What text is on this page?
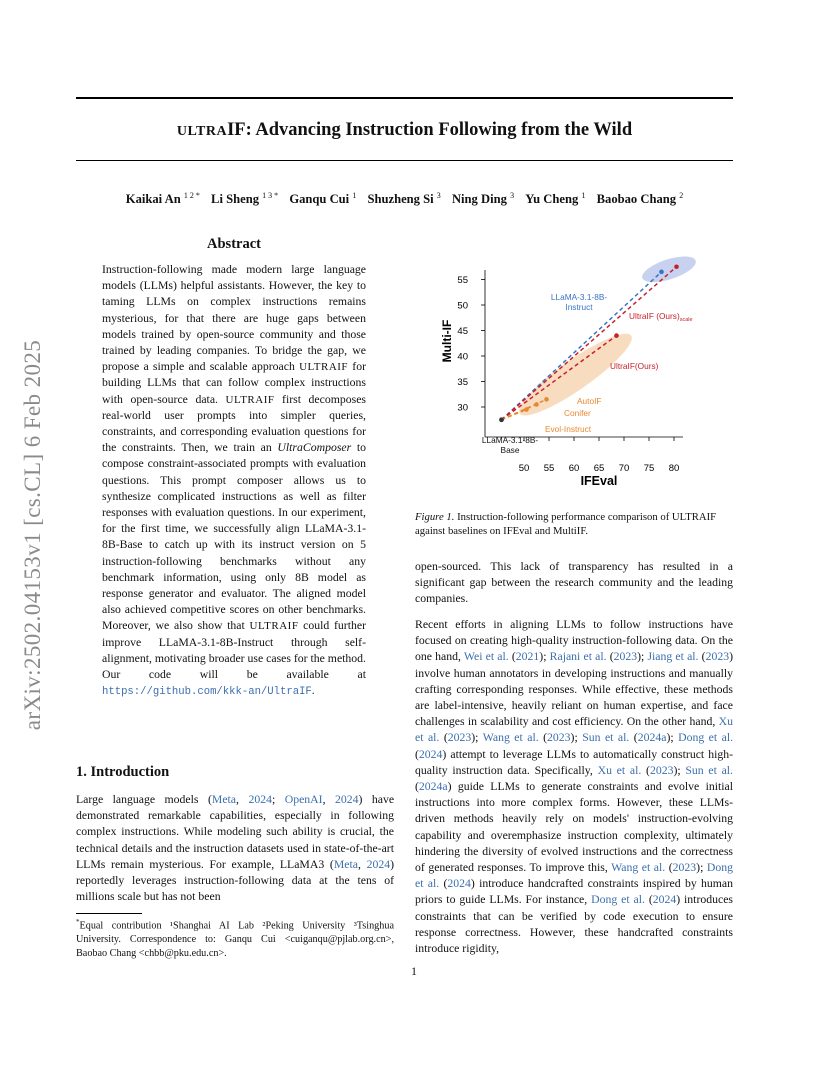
arXiv:2502.04153v1 [cs.CL] 6 Feb 2025
ULTRAIF: Advancing Instruction Following from the Wild
Kaikai An $^{1 2 *}$ Li Sheng $^{1 3 *}$ Ganqu Cui $^1$ Shuzheng Si $^3$ Ning Ding $^3$ Yu Cheng $^1$ Baobao Chang $^2$
Abstract
Instruction-following made modern large language models (LLMs) helpful assistants. However, the key to taming LLMs on complex instructions remains mysterious, for that there are huge gaps between models trained by open-source community and those trained by leading companies. To bridge the gap, we propose a simple and scalable approach ULTRAIF for building LLMs that can follow complex instructions with open-source data. ULTRAIF first decomposes real-world user prompts into simpler queries, constraints, and corresponding evaluation questions for the constraints. Then, we train an UltraComposer to compose constraint-associated prompts with evaluation questions. This prompt composer allows us to synthesize complicated instructions as well as filter responses with evaluation questions. In our experiment, for the first time, we successfully align LLaMA-3.1-8B-Base to catch up with its instruct version on 5 instruction-following benchmarks without any benchmark information, using only 8B model as response generator and evaluator. The aligned model also achieved competitive scores on other benchmarks. Moreover, we also show that ULTRAIF could further improve LLaMA-3.1-8B-Instruct through self-alignment, motivating broader use cases for the method. Our code will be available at https://github.com/kkk-an/UltraIF.
1. Introduction
Large language models (Meta, 2024; OpenAI, 2024) have demonstrated remarkable capabilities, especially in following complex instructions. While modeling such ability is crucial, the technical details and the instruction datasets used in state-of-the-art LLMs remain mysterious. For example, LLaMA3 (Meta, 2024) reportedly leverages instruction-following data at the tens of millions scale but has not been
*Equal contribution ¹Shanghai AI Lab ²Peking University ³Tsinghua University. Correspondence to: Ganqu Cui <cuiganqu@pjlab.org.cn>, Baobao Chang <chbb@pku.edu.cn>.
30
35
40
45
50
55
50 55 60 65 70 75 80
IFEval
Multi-IF
LLaMA-3.1-8B-Instruct
UltraIF $(Ours)_{scale}$
UltraIF(Ours)
AutoIF
Conifer
Evol-Instruct
LLaMA-3.1-8B-Base
Figure 1. Instruction-following performance comparison of ULTRAIF against baselines on IFEval and MultiIF.
open-sourced. This lack of transparency has resulted in a significant gap between the research community and the leading companies.
Recent efforts in aligning LLMs to follow instructions have focused on creating high-quality instruction-following data. On the one hand, Wei et al. (2021); Rajani et al. (2023); Jiang et al. (2023) involve human annotators in developing instructions and manually crafting corresponding responses. While effective, these methods are label-intensive, heavily reliant on human expertise, and face challenges in scalability and cost efficiency. On the other hand, Xu et al. (2023); Wang et al. (2023); Sun et al. (2024a); Dong et al. (2024) attempt to leverage LLMs to automatically construct high-quality instruction data. Specifically, Xu et al. (2023); Sun et al. (2024a) guide LLMs to generate constraints and evolve initial instructions into more complex forms. However, these LLMs-driven methods heavily rely on models' instruction-evolving capability and overemphasize instruction complexity, ultimately hindering the diversity of evolved instructions and the correctness of generated responses. To improve this, Wang et al. (2023); Dong et al. (2024) introduce handcrafted constraints inspired by human priors to guide LLMs. For instance, Dong et al. (2024) introduces constraints that can be verified by code execution to ensure response correctness. However, these handcrafted constraints introduce rigidity,
1
